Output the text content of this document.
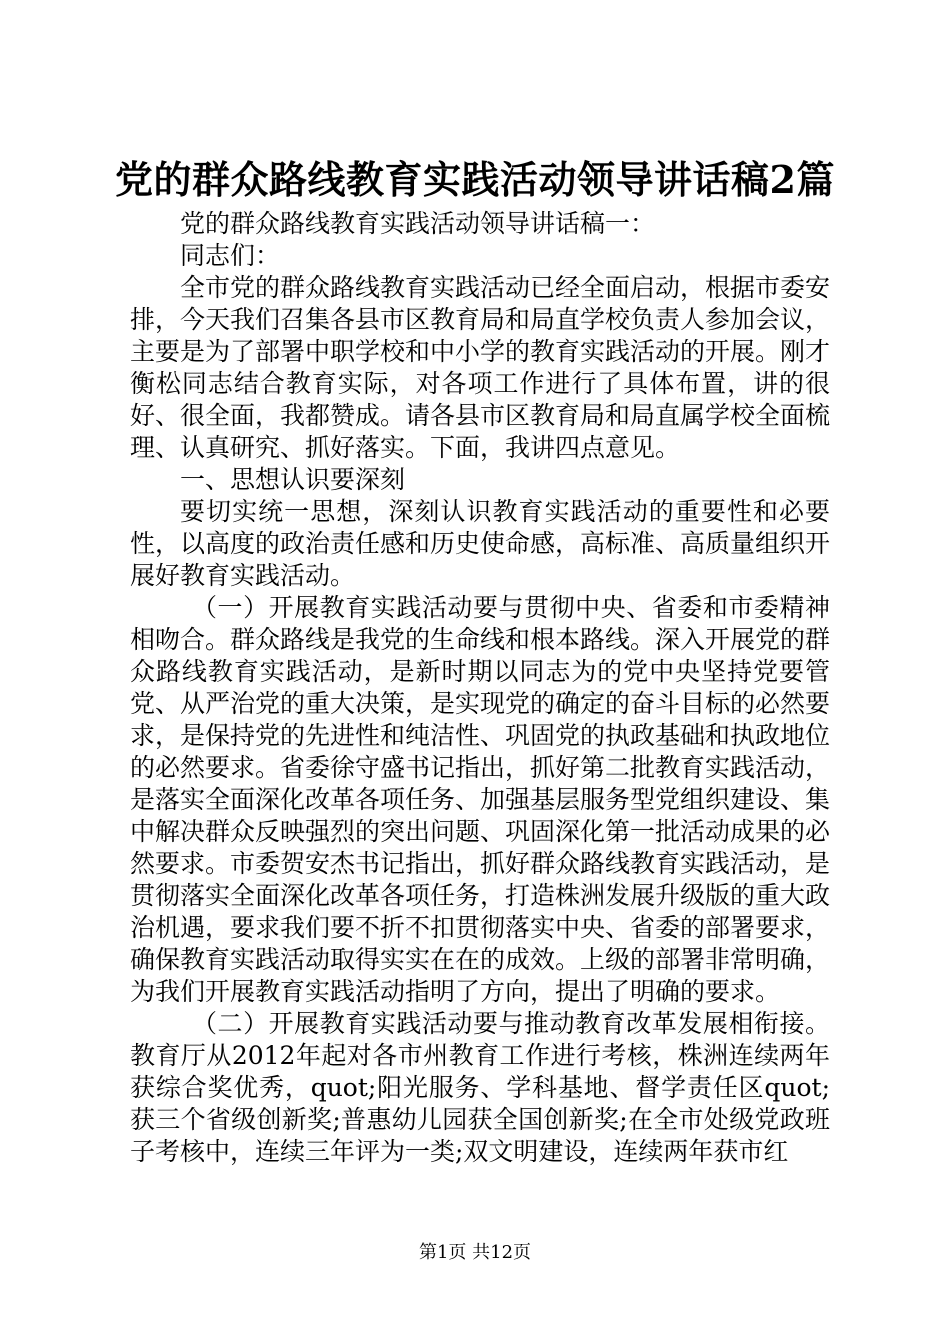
党的群众路线教育实践活动领导讲话稿2篇

党的群众路线教育实践活动领导讲话稿一：

同志们：

全市党的群众路线教育实践活动已经全面启动，根据市委安排，今天我们召集各县市区教育局和局直学校负责人参加会议，主要是为了部署中职学校和中小学的教育实践活动的开展。刚才衡松同志结合教育实际，对各项工作进行了具体布置，讲的很好、很全面，我都赞成。请各县市区教育局和局直属学校全面梳理、认真研究、抓好落实。下面，我讲四点意见。

一、思想认识要深刻

要切实统一思想，深刻认识教育实践活动的重要性和必要性，以高度的政治责任感和历史使命感，高标准、高质量组织开展好教育实践活动。

（一）开展教育实践活动要与贯彻中央、省委和市委精神相吻合。群众路线是我党的生命线和根本路线。深入开展党的群众路线教育实践活动，是新时期以同志为的党中央坚持党要管党、从严治党的重大决策，是实现党的确定的奋斗目标的必然要求，是保持党的先进性和纯洁性、巩固党的执政基础和执政地位的必然要求。省委徐守盛书记指出，抓好第二批教育实践活动，是落实全面深化改革各项任务、加强基层服务型党组织建设、集中解决群众反映强烈的突出问题、巩固深化第一批活动成果的必然要求。市委贺安杰书记指出，抓好群众路线教育实践活动，是贯彻落实全面深化改革各项任务，打造株洲发展升级版的重大政治机遇，要求我们要不折不扣贯彻落实中央、省委的部署要求，确保教育实践活动取得实实在在的成效。上级的部署非常明确，为我们开展教育实践活动指明了方向，提出了明确的要求。

（二）开展教育实践活动要与推动教育改革发展相衔接。教育厅从2012年起对各市州教育工作进行考核，株洲连续两年获综合奖优秀，quot;阳光服务、学科基地、督学责任区quot;获三个省级创新奖;普惠幼儿园获全国创新奖;在全市处级党政班子考核中，连续三年评为一类;双文明建设，连续两年获市红

第1页 共12页
